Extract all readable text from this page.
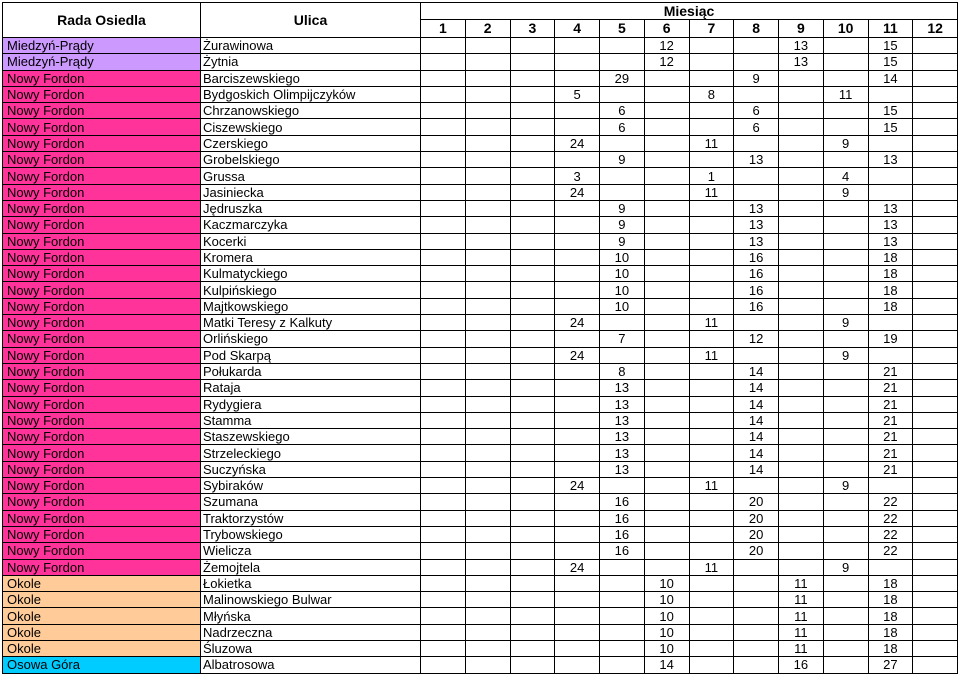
Rada Osiedla	Ulica	Miesiąc											
		1	2	3	4	5	6	7	8	9	10	11	12
Miedzyń-Prądy	Żurawinowa						12			13		15	
Miedzyń-Prądy	Żytnia						12			13		15	
Nowy Fordon	Barciszewskiego					29			9			14	
Nowy Fordon	Bydgoskich Olimpijczyków				5			8			11		
Nowy Fordon	Chrzanowskiego					6			6			15	
Nowy Fordon	Ciszewskiego					6			6			15	
Nowy Fordon	Czerskiego				24			11			9		
Nowy Fordon	Grobelskiego					9			13			13	
Nowy Fordon	Grussa				3			1			4		
Nowy Fordon	Jasiniecka				24			11			9		
Nowy Fordon	Jędruszka					9			13			13	
Nowy Fordon	Kaczmarczyka					9			13			13	
Nowy Fordon	Kocerki					9			13			13	
Nowy Fordon	Kromera					10			16			18	
Nowy Fordon	Kulmatyckiego					10			16			18	
Nowy Fordon	Kulpińskiego					10			16			18	
Nowy Fordon	Majtkowskiego					10			16			18	
Nowy Fordon	Matki Teresy z Kalkuty				24			11			9		
Nowy Fordon	Orlińskiego					7			12			19	
Nowy Fordon	Pod Skarpą				24			11			9		
Nowy Fordon	Połukarda					8			14			21	
Nowy Fordon	Rataja					13			14			21	
Nowy Fordon	Rydygiera					13			14			21	
Nowy Fordon	Stamma					13			14			21	
Nowy Fordon	Staszewskiego					13			14			21	
Nowy Fordon	Strzeleckiego					13			14			21	
Nowy Fordon	Suczyńska					13			14			21	
Nowy Fordon	Sybiraków				24			11			9		
Nowy Fordon	Szumana					16			20			22	
Nowy Fordon	Traktorzystów					16			20			22	
Nowy Fordon	Trybowskiego					16			20			22	
Nowy Fordon	Wielicza					16			20			22	
Nowy Fordon	Żemojtela				24			11			9		
Okole	Łokietka						10			11		18	
Okole	Malinowskiego Bulwar						10			11		18	
Okole	Młyńska						10			11		18	
Okole	Nadrzeczna						10			11		18	
Okole	Śluzowa						10			11		18	
Osowa Góra	Albatrosowa						14			16		27	
